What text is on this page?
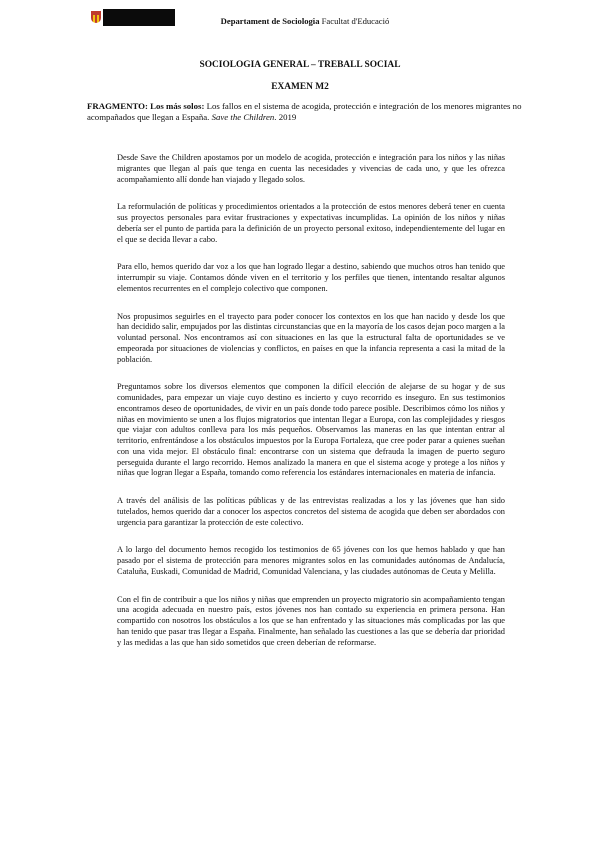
Departament de Sociologia Facultat d'Educació
SOCIOLOGIA GENERAL – TREBALL SOCIAL
EXAMEN M2
FRAGMENTO: Los más solos: Los fallos en el sistema de acogida, protección e integración de los menores migrantes no acompañados que llegan a España. Save the Children. 2019

Desde Save the Children apostamos por un modelo de acogida, protección e integración para los niños y las niñas migrantes que llegan al país que tenga en cuenta las necesidades y vivencias de cada uno, y que les ofrezca acompañamiento allí donde han viajado y llegado solos.

La reformulación de políticas y procedimientos orientados a la protección de estos menores deberá tener en cuenta sus proyectos personales para evitar frustraciones y expectativas incumplidas. La opinión de los niños y niñas debería ser el punto de partida para la definición de un proyecto personal exitoso, independientemente del lugar en el que se decida llevar a cabo.

Para ello, hemos querido dar voz a los que han logrado llegar a destino, sabiendo que muchos otros han tenido que interrumpir su viaje. Contamos dónde viven en el territorio y los perfiles que tienen, intentando resaltar algunos elementos recurrentes en el complejo colectivo que componen.

Nos propusimos seguirles en el trayecto para poder conocer los contextos en los que han nacido y desde los que han decidido salir, empujados por las distintas circunstancias que en la mayoría de los casos dejan poco margen a la voluntad personal. Nos encontramos así con situaciones en las que la estructural falta de oportunidades se ve empeorada por situaciones de violencias y conflictos, en países en que la infancia representa a casi la mitad de la población.

Preguntamos sobre los diversos elementos que componen la difícil elección de alejarse de su hogar y de sus comunidades, para empezar un viaje cuyo destino es incierto y cuyo recorrido es inseguro. En sus testimonios encontramos deseo de oportunidades, de vivir en un país donde todo parece posible. Describimos cómo los niños y niñas en movimiento se unen a los flujos migratorios que intentan llegar a Europa, con las complejidades y riesgos que viajar con adultos conlleva para los más pequeños. Observamos las maneras en las que intentan entrar al territorio, enfrentándose a los obstáculos impuestos por la Europa Fortaleza, que cree poder parar a quienes sueñan con una vida mejor. El obstáculo final: encontrarse con un sistema que defrauda la imagen de puerto seguro perseguida durante el largo recorrido. Hemos analizado la manera en que el sistema acoge y protege a los niños y niñas que logran llegar a España, tomando como referencia los estándares internacionales en materia de infancia.

A través del análisis de las políticas públicas y de las entrevistas realizadas a los y las jóvenes que han sido tutelados, hemos querido dar a conocer los aspectos concretos del sistema de acogida que deben ser abordados con urgencia para garantizar la protección de este colectivo.

A lo largo del documento hemos recogido los testimonios de 65 jóvenes con los que hemos hablado y que han pasado por el sistema de protección para menores migrantes solos en las comunidades autónomas de Andalucía, Cataluña, Euskadi, Comunidad de Madrid, Comunidad Valenciana, y las ciudades autónomas de Ceuta y Melilla.

Con el fin de contribuir a que los niños y niñas que emprenden un proyecto migratorio sin acompañamiento tengan una acogida adecuada en nuestro país, estos jóvenes nos han contado su experiencia en primera persona. Han compartido con nosotros los obstáculos a los que se han enfrentado y las situaciones más complicadas por las que han tenido que pasar tras llegar a España. Finalmente, han señalado las cuestiones a las que se debería dar prioridad y las medidas a las que han sido sometidos que creen deberían de reformarse.
